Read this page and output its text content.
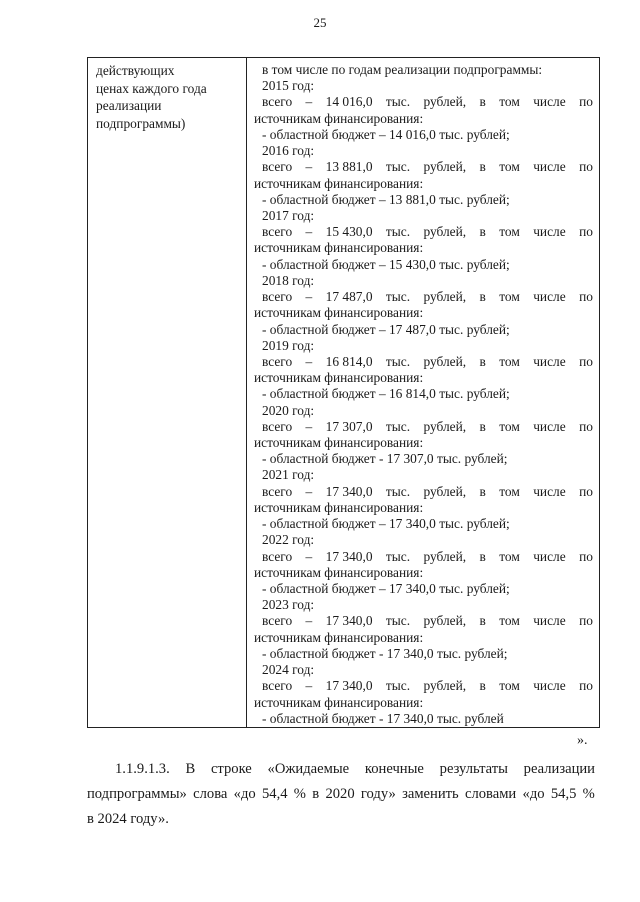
25
действующих
ценах каждого года
реализации
подпрограммы)

в том числе по годам реализации подпрограммы:
2015 год:
всего – 14 016,0 тыс. рублей, в том числе по
источникам финансирования:
- областной бюджет – 14 016,0 тыс. рублей;
2016 год:
всего – 13 881,0 тыс. рублей, в том числе по
источникам финансирования:
- областной бюджет – 13 881,0 тыс. рублей;
2017 год:
всего – 15 430,0 тыс. рублей, в том числе по
источникам финансирования:
- областной бюджет – 15 430,0 тыс. рублей;
2018 год:
всего – 17 487,0 тыс. рублей, в том числе по
источникам финансирования:
- областной бюджет – 17 487,0 тыс. рублей;
2019 год:
всего – 16 814,0 тыс. рублей, в том числе по
источникам финансирования:
- областной бюджет – 16 814,0 тыс. рублей;
2020 год:
всего – 17 307,0 тыс. рублей, в том числе по
источникам финансирования:
- областной бюджет - 17 307,0 тыс. рублей;
2021 год:
всего – 17 340,0 тыс. рублей, в том числе по
источникам финансирования:
- областной бюджет – 17 340,0 тыс. рублей;
2022 год:
всего – 17 340,0 тыс. рублей, в том числе по
источникам финансирования:
- областной бюджет – 17 340,0 тыс. рублей;
2023 год:
всего – 17 340,0 тыс. рублей, в том числе по
источникам финансирования:
- областной бюджет - 17 340,0 тыс. рублей;
2024 год:
всего – 17 340,0 тыс. рублей, в том числе по
источникам финансирования:
- областной бюджет - 17 340,0 тыс. рублей
».
1.1.9.1.3. В строке «Ожидаемые конечные результаты реализации
подпрограммы» слова «до 54,4 % в 2020 году» заменить словами «до 54,5 %
в 2024 году».
